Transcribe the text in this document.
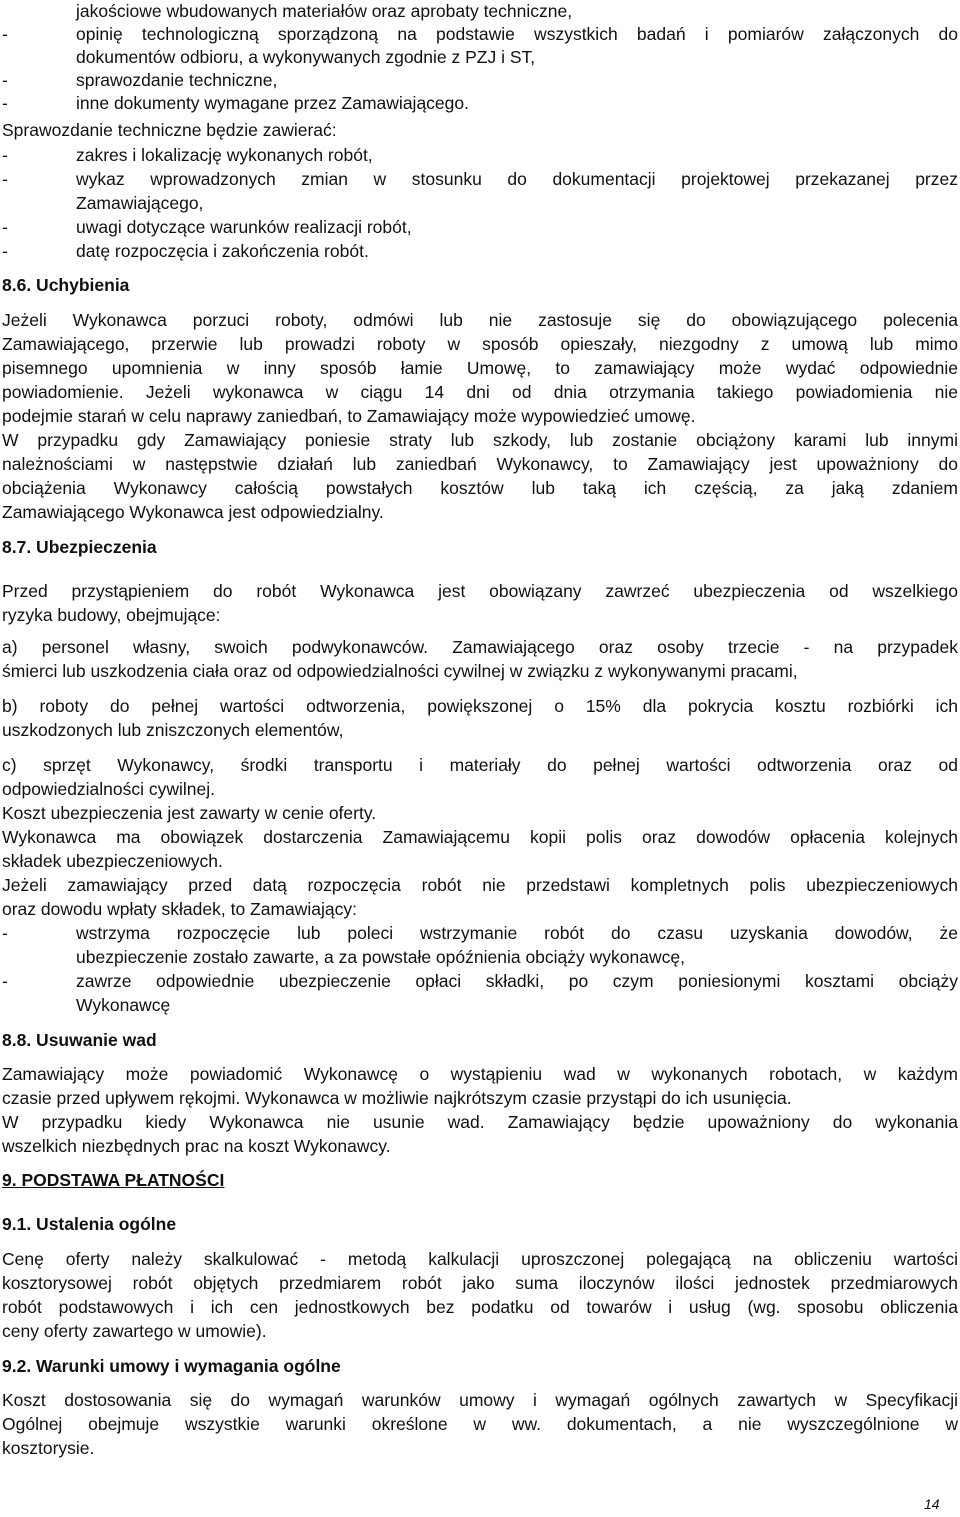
jakościowe wbudowanych materiałów oraz aprobaty techniczne,
-	opinię technologiczną sporządzoną na podstawie wszystkich badań i pomiarów załączonych do
dokumentów odbioru, a wykonywanych zgodnie z PZJ i ST,
-	sprawozdanie techniczne,
-	inne dokumenty wymagane przez Zamawiającego.
Sprawozdanie techniczne będzie zawierać:
-	zakres i lokalizację wykonanych robót,
-	wykaz wprowadzonych zmian w stosunku do dokumentacji projektowej przekazanej przez
Zamawiającego,
-	uwagi dotyczące warunków realizacji robót,
-	datę rozpoczęcia i zakończenia robót.
8.6. Uchybienia
Jeżeli Wykonawca porzuci roboty, odmówi lub nie zastosuje się do obowiązującego polecenia
Zamawiającego, przerwie lub prowadzi roboty w sposób opieszały, niezgodny z umową lub mimo
pisemnego upomnienia w inny sposób łamie Umowę, to zamawiający może wydać odpowiednie
powiadomienie. Jeżeli wykonawca w ciągu 14 dni od dnia otrzymania takiego powiadomienia nie
podejmie starań w celu naprawy zaniedbań, to Zamawiający może wypowiedzieć umowę.
W przypadku gdy Zamawiający poniesie straty lub szkody, lub zostanie obciążony karami lub innymi
należnościami w następstwie działań lub zaniedbań Wykonawcy, to Zamawiający jest upoważniony do
obciążenia Wykonawcy całością powstałych kosztów lub taką ich częścią, za jaką zdaniem
Zamawiającego Wykonawca jest odpowiedzialny.
8.7. Ubezpieczenia
Przed przystąpieniem do robót Wykonawca jest obowiązany zawrzeć ubezpieczenia od wszelkiego
ryzyka budowy, obejmujące:
a) personel własny, swoich podwykonawców. Zamawiającego oraz osoby trzecie - na przypadek
śmierci lub uszkodzenia ciała oraz od odpowiedzialności cywilnej w związku z wykonywanymi pracami,
b) roboty do pełnej wartości odtworzenia, powiększonej o 15% dla pokrycia kosztu rozbiórki ich
uszkodzonych lub zniszczonych elementów,
c) sprzęt Wykonawcy, środki transportu i materiały do pełnej wartości odtworzenia oraz od
odpowiedzialności cywilnej.
Koszt ubezpieczenia jest zawarty w cenie oferty.
Wykonawca ma obowiązek dostarczenia Zamawiającemu kopii polis oraz dowodów opłacenia kolejnych
składek ubezpieczeniowych.
Jeżeli zamawiający przed datą rozpoczęcia robót nie przedstawi kompletnych polis ubezpieczeniowych
oraz dowodu wpłaty składek, to Zamawiający:
-	wstrzyma rozpoczęcie lub poleci wstrzymanie robót do czasu uzyskania dowodów, że
ubezpieczenie zostało zawarte, a za powstałe opóźnienia obciąży wykonawcę,
-	zawrze odpowiednie ubezpieczenie opłaci składki, po czym poniesionymi kosztami obciąży
Wykonawcę
8.8. Usuwanie wad
Zamawiający może powiadomić Wykonawcę o wystąpieniu wad w wykonanych robotach, w każdym
czasie przed upływem rękojmi. Wykonawca w możliwie najkrótszym czasie przystąpi do ich usunięcia.
W przypadku kiedy Wykonawca nie usunie wad. Zamawiający będzie upoważniony do wykonania
wszelkich niezbędnych prac na koszt Wykonawcy.
9. PODSTAWA PŁATNOŚCI
9.1. Ustalenia ogólne
Cenę oferty należy skalkulować - metodą kalkulacji uproszczonej polegającą na obliczeniu wartości
kosztorysowej robót objętych przedmiarem robót jako suma iloczynów ilości jednostek przedmiarowych
robót podstawowych i ich cen jednostkowych bez podatku od towarów i usług (wg. sposobu obliczenia
ceny oferty zawartego w umowie).
9.2. Warunki umowy i wymagania ogólne
Koszt dostosowania się do wymagań warunków umowy i wymagań ogólnych zawartych w Specyfikacji
Ogólnej obejmuje wszystkie warunki określone w ww. dokumentach, a nie wyszczególnione w
kosztorysie.
14
